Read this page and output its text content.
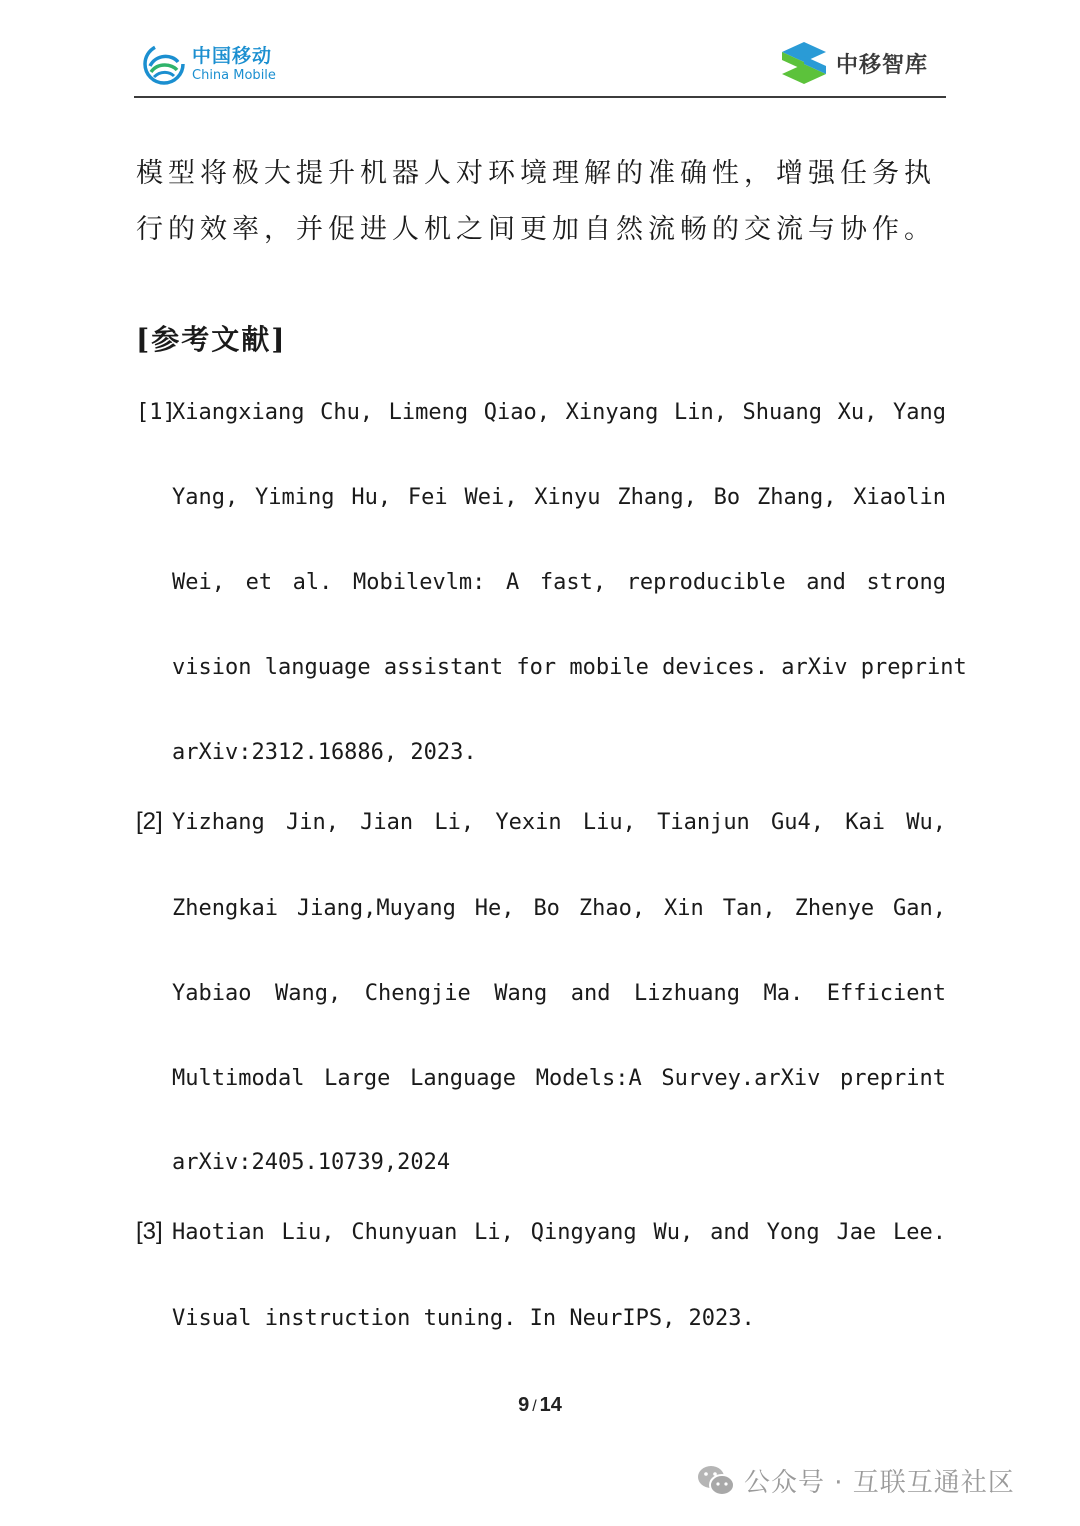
中国移动
China Mobile	中移智库
模型将极大提升机器人对环境理解的准确性，增强任务执行的效率，并促进人机之间更加自然流畅的交流与协作。
[参考文献]
[1]
Xiangxiang Chu, Limeng Qiao, Xinyang Lin, Shuang Xu, Yang
Yang, Yiming Hu, Fei Wei, Xinyu Zhang, Bo Zhang, Xiaolin
Wei, et al. Mobilevlm: A fast, reproducible and strong
vision language assistant for mobile devices. arXiv preprint
arXiv:2312.16886, 2023.
[2] Yizhang Jin, Jian Li, Yexin Liu, Tianjun Gu4, Kai Wu,
Zhengkai Jiang,Muyang He, Bo Zhao, Xin Tan, Zhenye Gan,
Yabiao Wang, Chengjie Wang and Lizhuang Ma. Efficient
Multimodal Large Language Models:A Survey.arXiv preprint
arXiv:2405.10739,2024
[3] Haotian Liu, Chunyuan Li, Qingyang Wu, and Yong Jae Lee.
Visual instruction tuning. In NeurIPS, 2023.
9 / 14
公众号 · 互联互通社区
